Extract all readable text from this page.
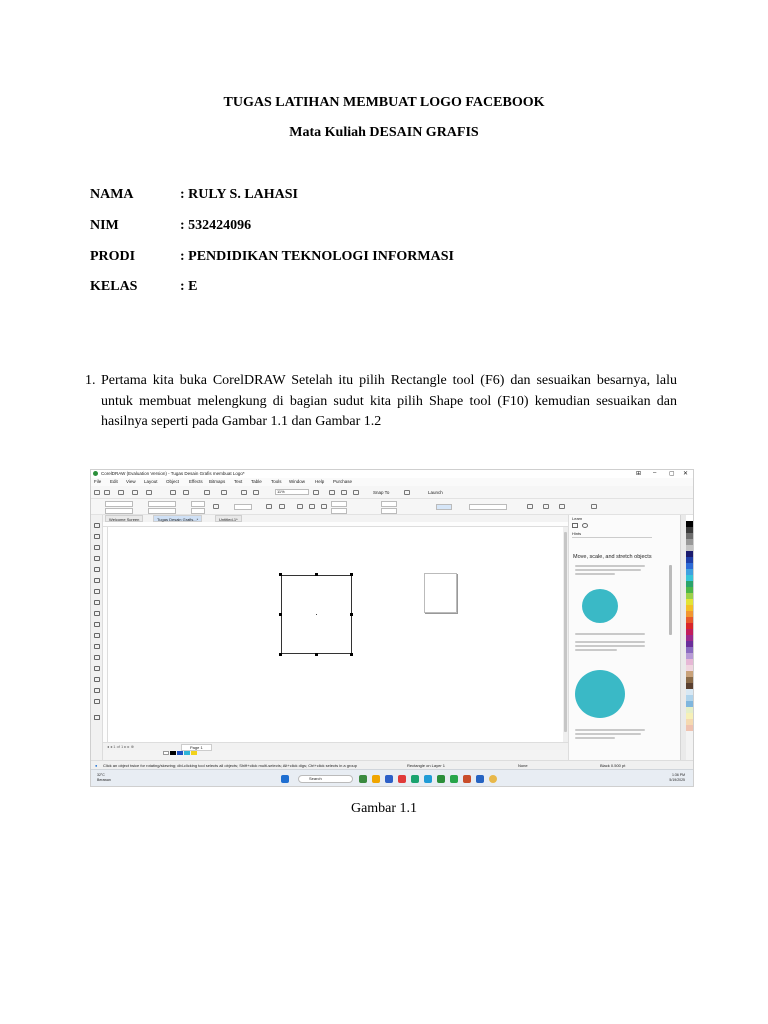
TUGAS LATIHAN MEMBUAT LOGO FACEBOOK
Mata Kuliah DESAIN GRAFIS
NAMA	: RULY S. LAHASI
NIM	: 532424096
PRODI	: PENDIDIKAN TEKNOLOGI INFORMASI
KELAS	: E
1. Pertama kita buka CorelDRAW Setelah itu pilih Rectangle tool (F6) dan sesuaikan besarnya, lalu untuk membuat melengkung di bagian sudut kita pilih Shape tool (F10) kemudian sesuaikan dan hasilnya seperti pada Gambar 1.1 dan Gambar 1.2
CorelDRAW (Evaluation Version) - Tugas Desain Grafis membuat Logo*	⊞ – ▢ ✕
File Edit View Layout Object Effects Bitmaps Text Table Tools Window Help Purchase
11%	Snap To	Launch
Welcome Screen	Tugas Desain Grafis...*	Untitled-1*
◂ ◂ 1 of 1 ▸ ▸ ⊕	Page 1
● Click an object twice for rotating/skewing; dbl-clicking tool selects all objects; Shift+click multi-selects; Alt+click digs; Ctrl+click selects in a group	Rectangle on Layer 1	None	Black 0.500 pt
Learn
Hints
Move, scale, and stretch objects
32°C
Berawan	Search
1:36 PM
5/19/2025
Gambar 1.1
